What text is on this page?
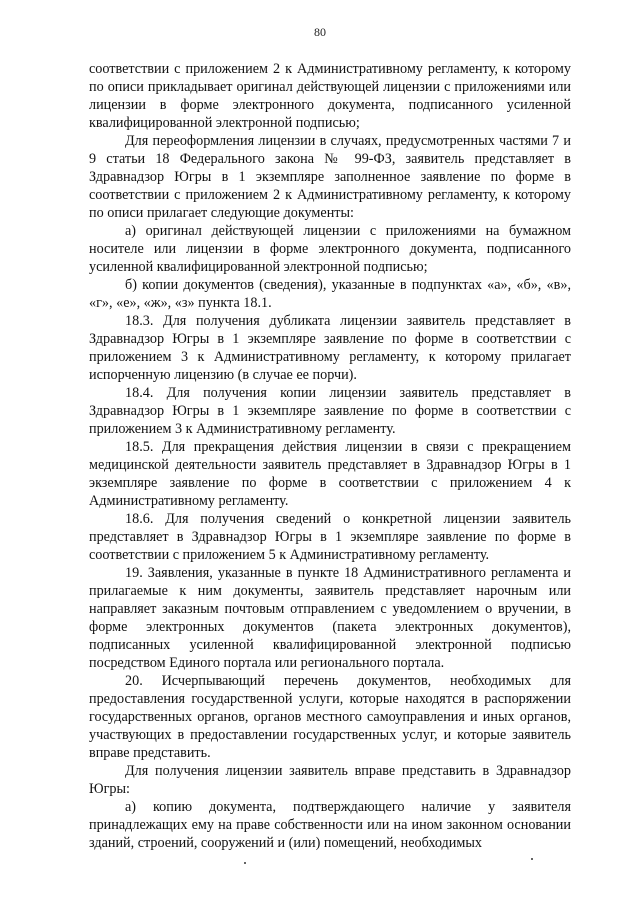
80

соответствии с приложением 2 к Административному регламенту, к которому по описи прикладывает оригинал действующей лицензии с приложениями или лицензии в форме электронного документа, подписанного усиленной квалифицированной электронной подписью;

Для переоформления лицензии в случаях, предусмотренных частями 7 и 9 статьи 18 Федерального закона № 99-ФЗ, заявитель представляет в Здравнадзор Югры в 1 экземпляре заполненное заявление по форме в соответствии с приложением 2 к Административному регламенту, к которому по описи прилагает следующие документы:

а) оригинал действующей лицензии с приложениями на бумажном носителе или лицензии в форме электронного документа, подписанного усиленной квалифицированной электронной подписью;

б) копии документов (сведения), указанные в подпунктах «а», «б», «в», «г», «е», «ж», «з» пункта 18.1.

18.3. Для получения дубликата лицензии заявитель представляет в Здравнадзор Югры в 1 экземпляре заявление по форме в соответствии с приложением 3 к Административному регламенту, к которому прилагает испорченную лицензию (в случае ее порчи).

18.4. Для получения копии лицензии заявитель представляет в Здравнадзор Югры в 1 экземпляре заявление по форме в соответствии с приложением 3 к Административному регламенту.

18.5. Для прекращения действия лицензии в связи с прекращением медицинской деятельности заявитель представляет в Здравнадзор Югры в 1 экземпляре заявление по форме в соответствии с приложением 4 к Административному регламенту.

18.6. Для получения сведений о конкретной лицензии заявитель представляет в Здравнадзор Югры в 1 экземпляре заявление по форме в соответствии с приложением 5 к Административному регламенту.

19. Заявления, указанные в пункте 18 Административного регламента и прилагаемые к ним документы, заявитель представляет нарочным или направляет заказным почтовым отправлением с уведомлением о вручении, в форме электронных документов (пакета электронных документов), подписанных усиленной квалифицированной электронной подписью посредством Единого портала или регионального портала.

20. Исчерпывающий перечень документов, необходимых для предоставления государственной услуги, которые находятся в распоряжении государственных органов, органов местного самоуправления и иных органов, участвующих в предоставлении государственных услуг, и которые заявитель вправе представить.

Для получения лицензии заявитель вправе представить в Здравнадзор Югры:

а) копию документа, подтверждающего наличие у заявителя принадлежащих ему на праве собственности или на ином законном основании зданий, строений, сооружений и (или) помещений, необходимых
